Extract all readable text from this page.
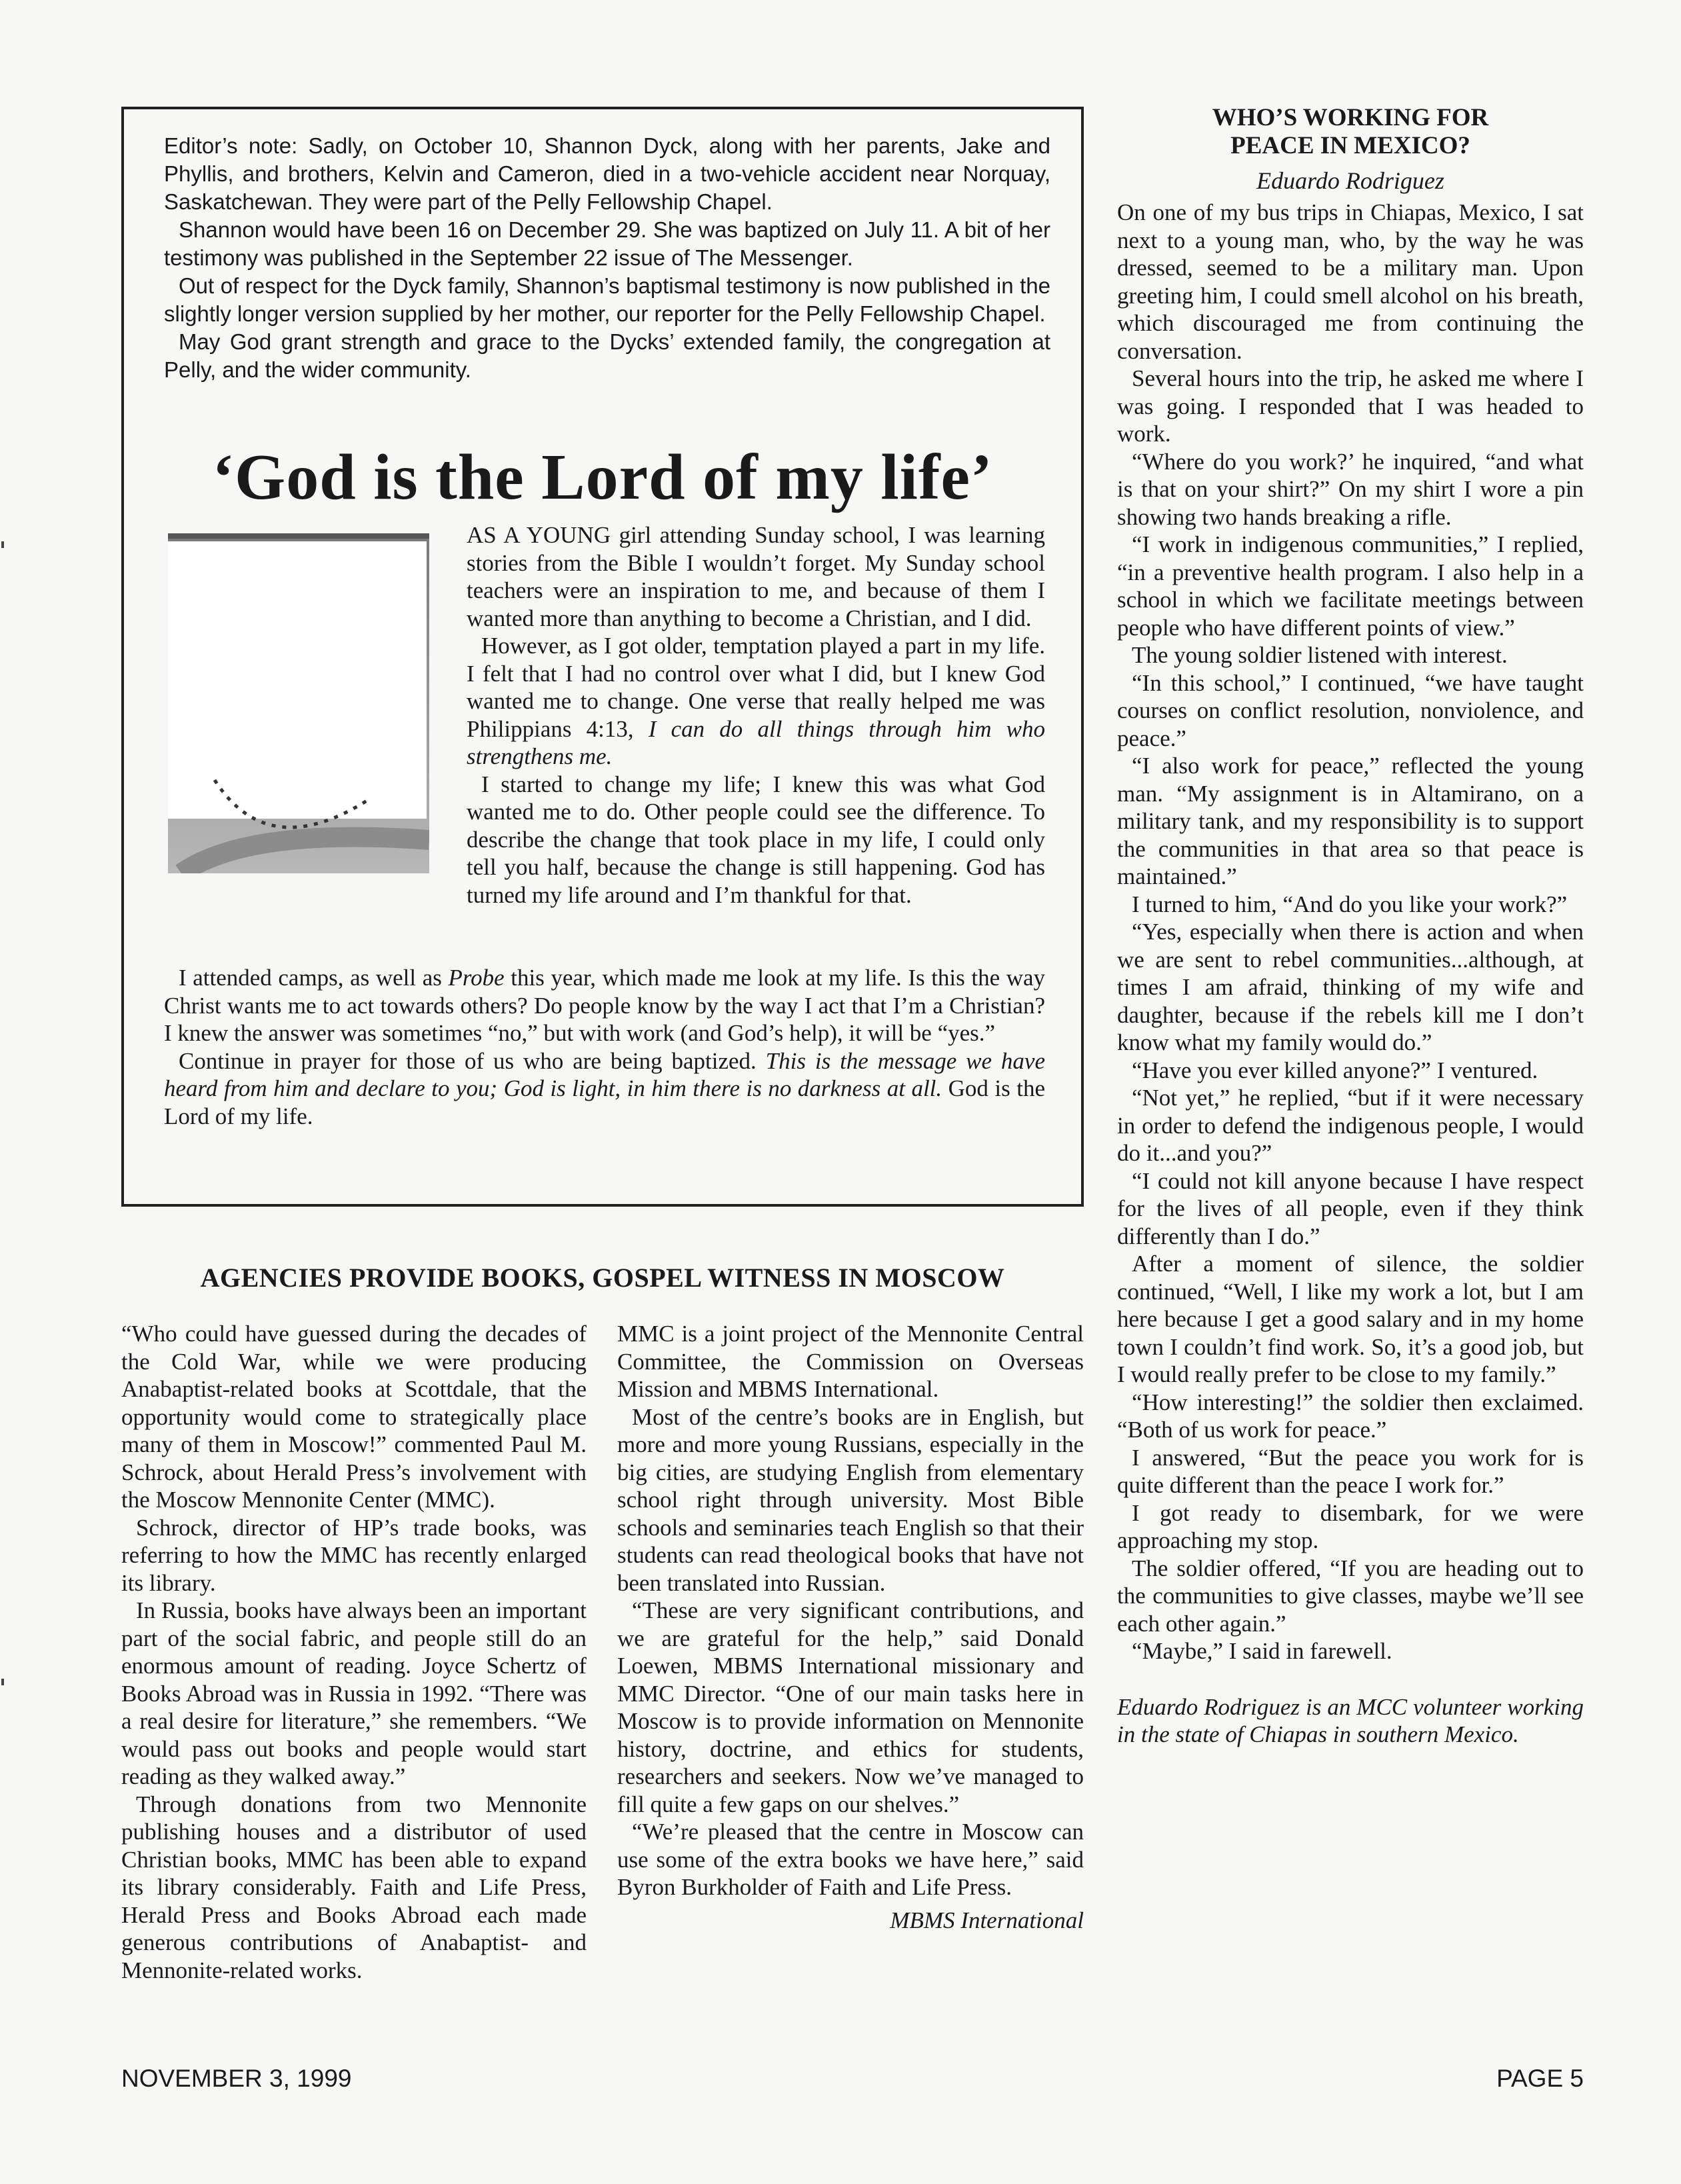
Editor’s note: Sadly, on October 10, Shannon Dyck, along with her parents, Jake and Phyllis, and brothers, Kelvin and Cameron, died in a two-vehicle accident near Norquay, Saskatchewan. They were part of the Pelly Fellowship Chapel.

Shannon would have been 16 on December 29. She was baptized on July 11. A bit of her testimony was published in the September 22 issue of The Messenger.

Out of respect for the Dyck family, Shannon’s baptismal testimony is now published in the slightly longer version supplied by her mother, our reporter for the Pelly Fellowship Chapel.

May God grant strength and grace to the Dycks’ extended family, the congregation at Pelly, and the wider community.

‘God is the Lord of my life’

AS A YOUNG girl attending Sunday school, I was learning stories from the Bible I wouldn’t forget. My Sunday school teachers were an inspiration to me, and because of them I wanted more than anything to become a Christian, and I did.

However, as I got older, temptation played a part in my life. I felt that I had no control over what I did, but I knew God wanted me to change. One verse that really helped me was Philippians 4:13, I can do all things through him who strengthens me.

I started to change my life; I knew this was what God wanted me to do. Other people could see the difference. To describe the change that took place in my life, I could only tell you half, because the change is still happening. God has turned my life around and I’m thankful for that.

I attended camps, as well as Probe this year, which made me look at my life. Is this the way Christ wants me to act towards others? Do people know by the way I act that I’m a Christian? I knew the answer was sometimes “no,” but with work (and God’s help), it will be “yes.”

Continue in prayer for those of us who are being baptized. This is the message we have heard from him and declare to you; God is light, in him there is no darkness at all. God is the Lord of my life.

AGENCIES PROVIDE BOOKS, GOSPEL WITNESS IN MOSCOW

“Who could have guessed during the decades of the Cold War, while we were producing Anabaptist-related books at Scottdale, that the opportunity would come to strategically place many of them in Moscow!” commented Paul M. Schrock, about Herald Press’s involvement with the Moscow Mennonite Center (MMC).

Schrock, director of HP’s trade books, was referring to how the MMC has recently enlarged its library.

In Russia, books have always been an important part of the social fabric, and people still do an enormous amount of reading. Joyce Schertz of Books Abroad was in Russia in 1992. “There was a real desire for literature,” she remembers. “We would pass out books and people would start reading as they walked away.”

Through donations from two Mennonite publishing houses and a distributor of used Christian books, MMC has been able to expand its library considerably. Faith and Life Press, Herald Press and Books Abroad each made generous contributions of Anabaptist- and Mennonite-related works.

MMC is a joint project of the Mennonite Central Committee, the Commission on Overseas Mission and MBMS International.

Most of the centre’s books are in English, but more and more young Russians, especially in the big cities, are studying English from elementary school right through university. Most Bible schools and seminaries teach English so that their students can read theological books that have not been translated into Russian.

“These are very significant contributions, and we are grateful for the help,” said Donald Loewen, MBMS International missionary and MMC Director. “One of our main tasks here in Moscow is to provide information on Mennonite history, doctrine, and ethics for students, researchers and seekers. Now we’ve managed to fill quite a few gaps on our shelves.”

“We’re pleased that the centre in Moscow can use some of the extra books we have here,” said Byron Burkholder of Faith and Life Press.

MBMS International

WHO’S WORKING FOR
PEACE IN MEXICO?
Eduardo Rodriguez

On one of my bus trips in Chiapas, Mexico, I sat next to a young man, who, by the way he was dressed, seemed to be a military man. Upon greeting him, I could smell alcohol on his breath, which discouraged me from continuing the conversation.

Several hours into the trip, he asked me where I was going. I responded that I was headed to work.

“Where do you work?’ he inquired, “and what is that on your shirt?” On my shirt I wore a pin showing two hands breaking a rifle.

“I work in indigenous communities,” I replied, “in a preventive health program. I also help in a school in which we facilitate meetings between people who have different points of view.”

The young soldier listened with interest.

“In this school,” I continued, “we have taught courses on conflict resolution, nonviolence, and peace.”

“I also work for peace,” reflected the young man. “My assignment is in Altamirano, on a military tank, and my responsibility is to support the communities in that area so that peace is maintained.”

I turned to him, “And do you like your work?”

“Yes, especially when there is action and when we are sent to rebel communities...although, at times I am afraid, thinking of my wife and daughter, because if the rebels kill me I don’t know what my family would do.”

“Have you ever killed anyone?” I ventured.

“Not yet,” he replied, “but if it were necessary in order to defend the indigenous people, I would do it...and you?”

“I could not kill anyone because I have respect for the lives of all people, even if they think differently than I do.”

After a moment of silence, the soldier continued, “Well, I like my work a lot, but I am here because I get a good salary and in my home town I couldn’t find work. So, it’s a good job, but I would really prefer to be close to my family.”

“How interesting!” the soldier then exclaimed. “Both of us work for peace.”

I answered, “But the peace you work for is quite different than the peace I work for.”

I got ready to disembark, for we were approaching my stop.

The soldier offered, “If you are heading out to the communities to give classes, maybe we’ll see each other again.”

“Maybe,” I said in farewell.

Eduardo Rodriguez is an MCC volunteer working in the state of Chiapas in southern Mexico.

NOVEMBER 3, 1999	PAGE 5
